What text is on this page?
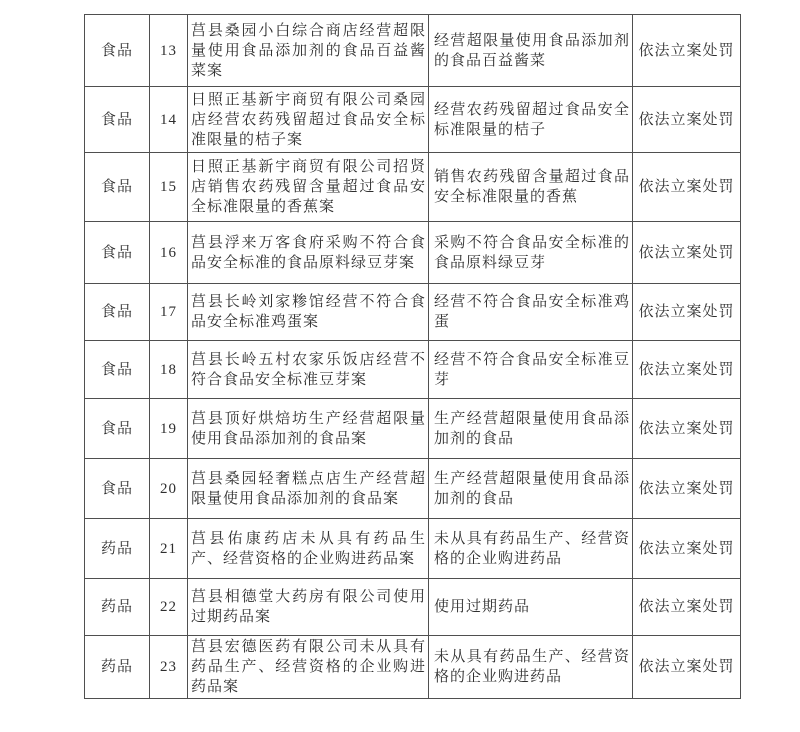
食品	13	莒县桑园小白综合商店经营超限量使用食品添加剂的食品百益酱菜案	经营超限量使用食品添加剂的食品百益酱菜	依法立案处罚
食品	14	日照正基新宇商贸有限公司桑园店经营农药残留超过食品安全标准限量的桔子案	经营农药残留超过食品安全标准限量的桔子	依法立案处罚
食品	15	日照正基新宇商贸有限公司招贤店销售农药残留含量超过食品安全标准限量的香蕉案	销售农药残留含量超过食品安全标准限量的香蕉	依法立案处罚
食品	16	莒县浮来万客食府采购不符合食品安全标准的食品原料绿豆芽案	采购不符合食品安全标准的食品原料绿豆芽	依法立案处罚
食品	17	莒县长岭刘家糁馆经营不符合食品安全标准鸡蛋案	经营不符合食品安全标准鸡蛋	依法立案处罚
食品	18	莒县长岭五村农家乐饭店经营不符合食品安全标准豆芽案	经营不符合食品安全标准豆芽	依法立案处罚
食品	19	莒县顶好烘焙坊生产经营超限量使用食品添加剂的食品案	生产经营超限量使用食品添加剂的食品	依法立案处罚
食品	20	莒县桑园轻奢糕点店生产经营超限量使用食品添加剂的食品案	生产经营超限量使用食品添加剂的食品	依法立案处罚
药品	21	莒县佑康药店未从具有药品生产、经营资格的企业购进药品案	未从具有药品生产、经营资格的企业购进药品	依法立案处罚
药品	22	莒县相德堂大药房有限公司使用过期药品案	使用过期药品	依法立案处罚
药品	23	莒县宏德医药有限公司未从具有药品生产、经营资格的企业购进药品案	未从具有药品生产、经营资格的企业购进药品	依法立案处罚
